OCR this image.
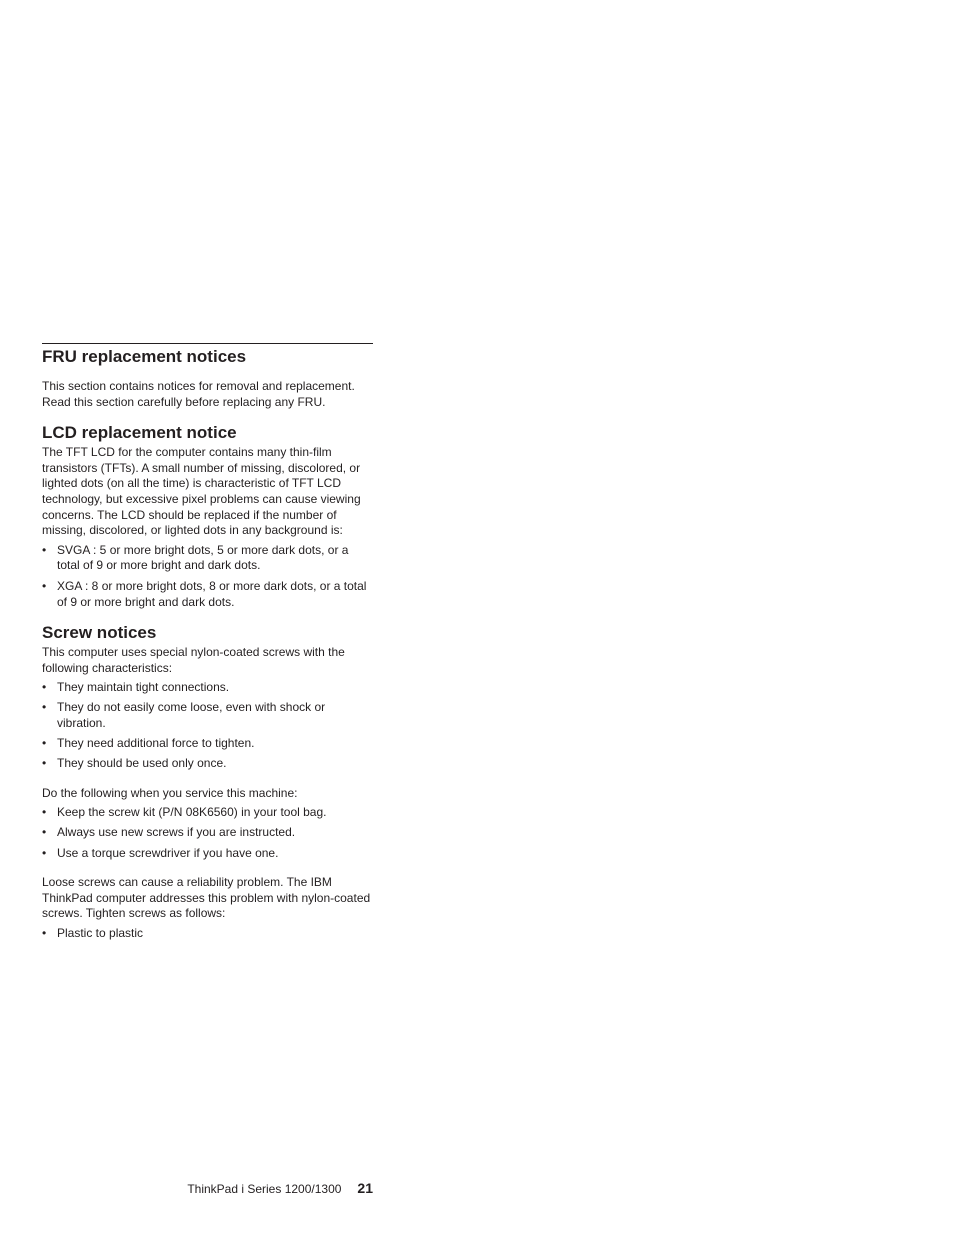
FRU replacement notices

This section contains notices for removal and replacement. Read this section carefully before replacing any FRU.

LCD replacement notice

The TFT LCD for the computer contains many thin-film transistors (TFTs). A small number of missing, discolored, or lighted dots (on all the time) is characteristic of TFT LCD technology, but excessive pixel problems can cause viewing concerns. The LCD should be replaced if the number of missing, discolored, or lighted dots in any background is:

• SVGA : 5 or more bright dots, 5 or more dark dots, or a total of 9 or more bright and dark dots.
• XGA : 8 or more bright dots, 8 or more dark dots, or a total of 9 or more bright and dark dots.
Screw notices

This computer uses special nylon-coated screws with the following characteristics:

• They maintain tight connections.
• They do not easily come loose, even with shock or vibration.
• They need additional force to tighten.
• They should be used only once.

Do the following when you service this machine:

• Keep the screw kit (P/N 08K6560) in your tool bag.
• Always use new screws if you are instructed.
• Use a torque screwdriver if you have one.

Loose screws can cause a reliability problem. The IBM ThinkPad computer addresses this problem with nylon-coated screws. Tighten screws as follows:

• Plastic to plastic
ThinkPad i Series 1200/1300 21
